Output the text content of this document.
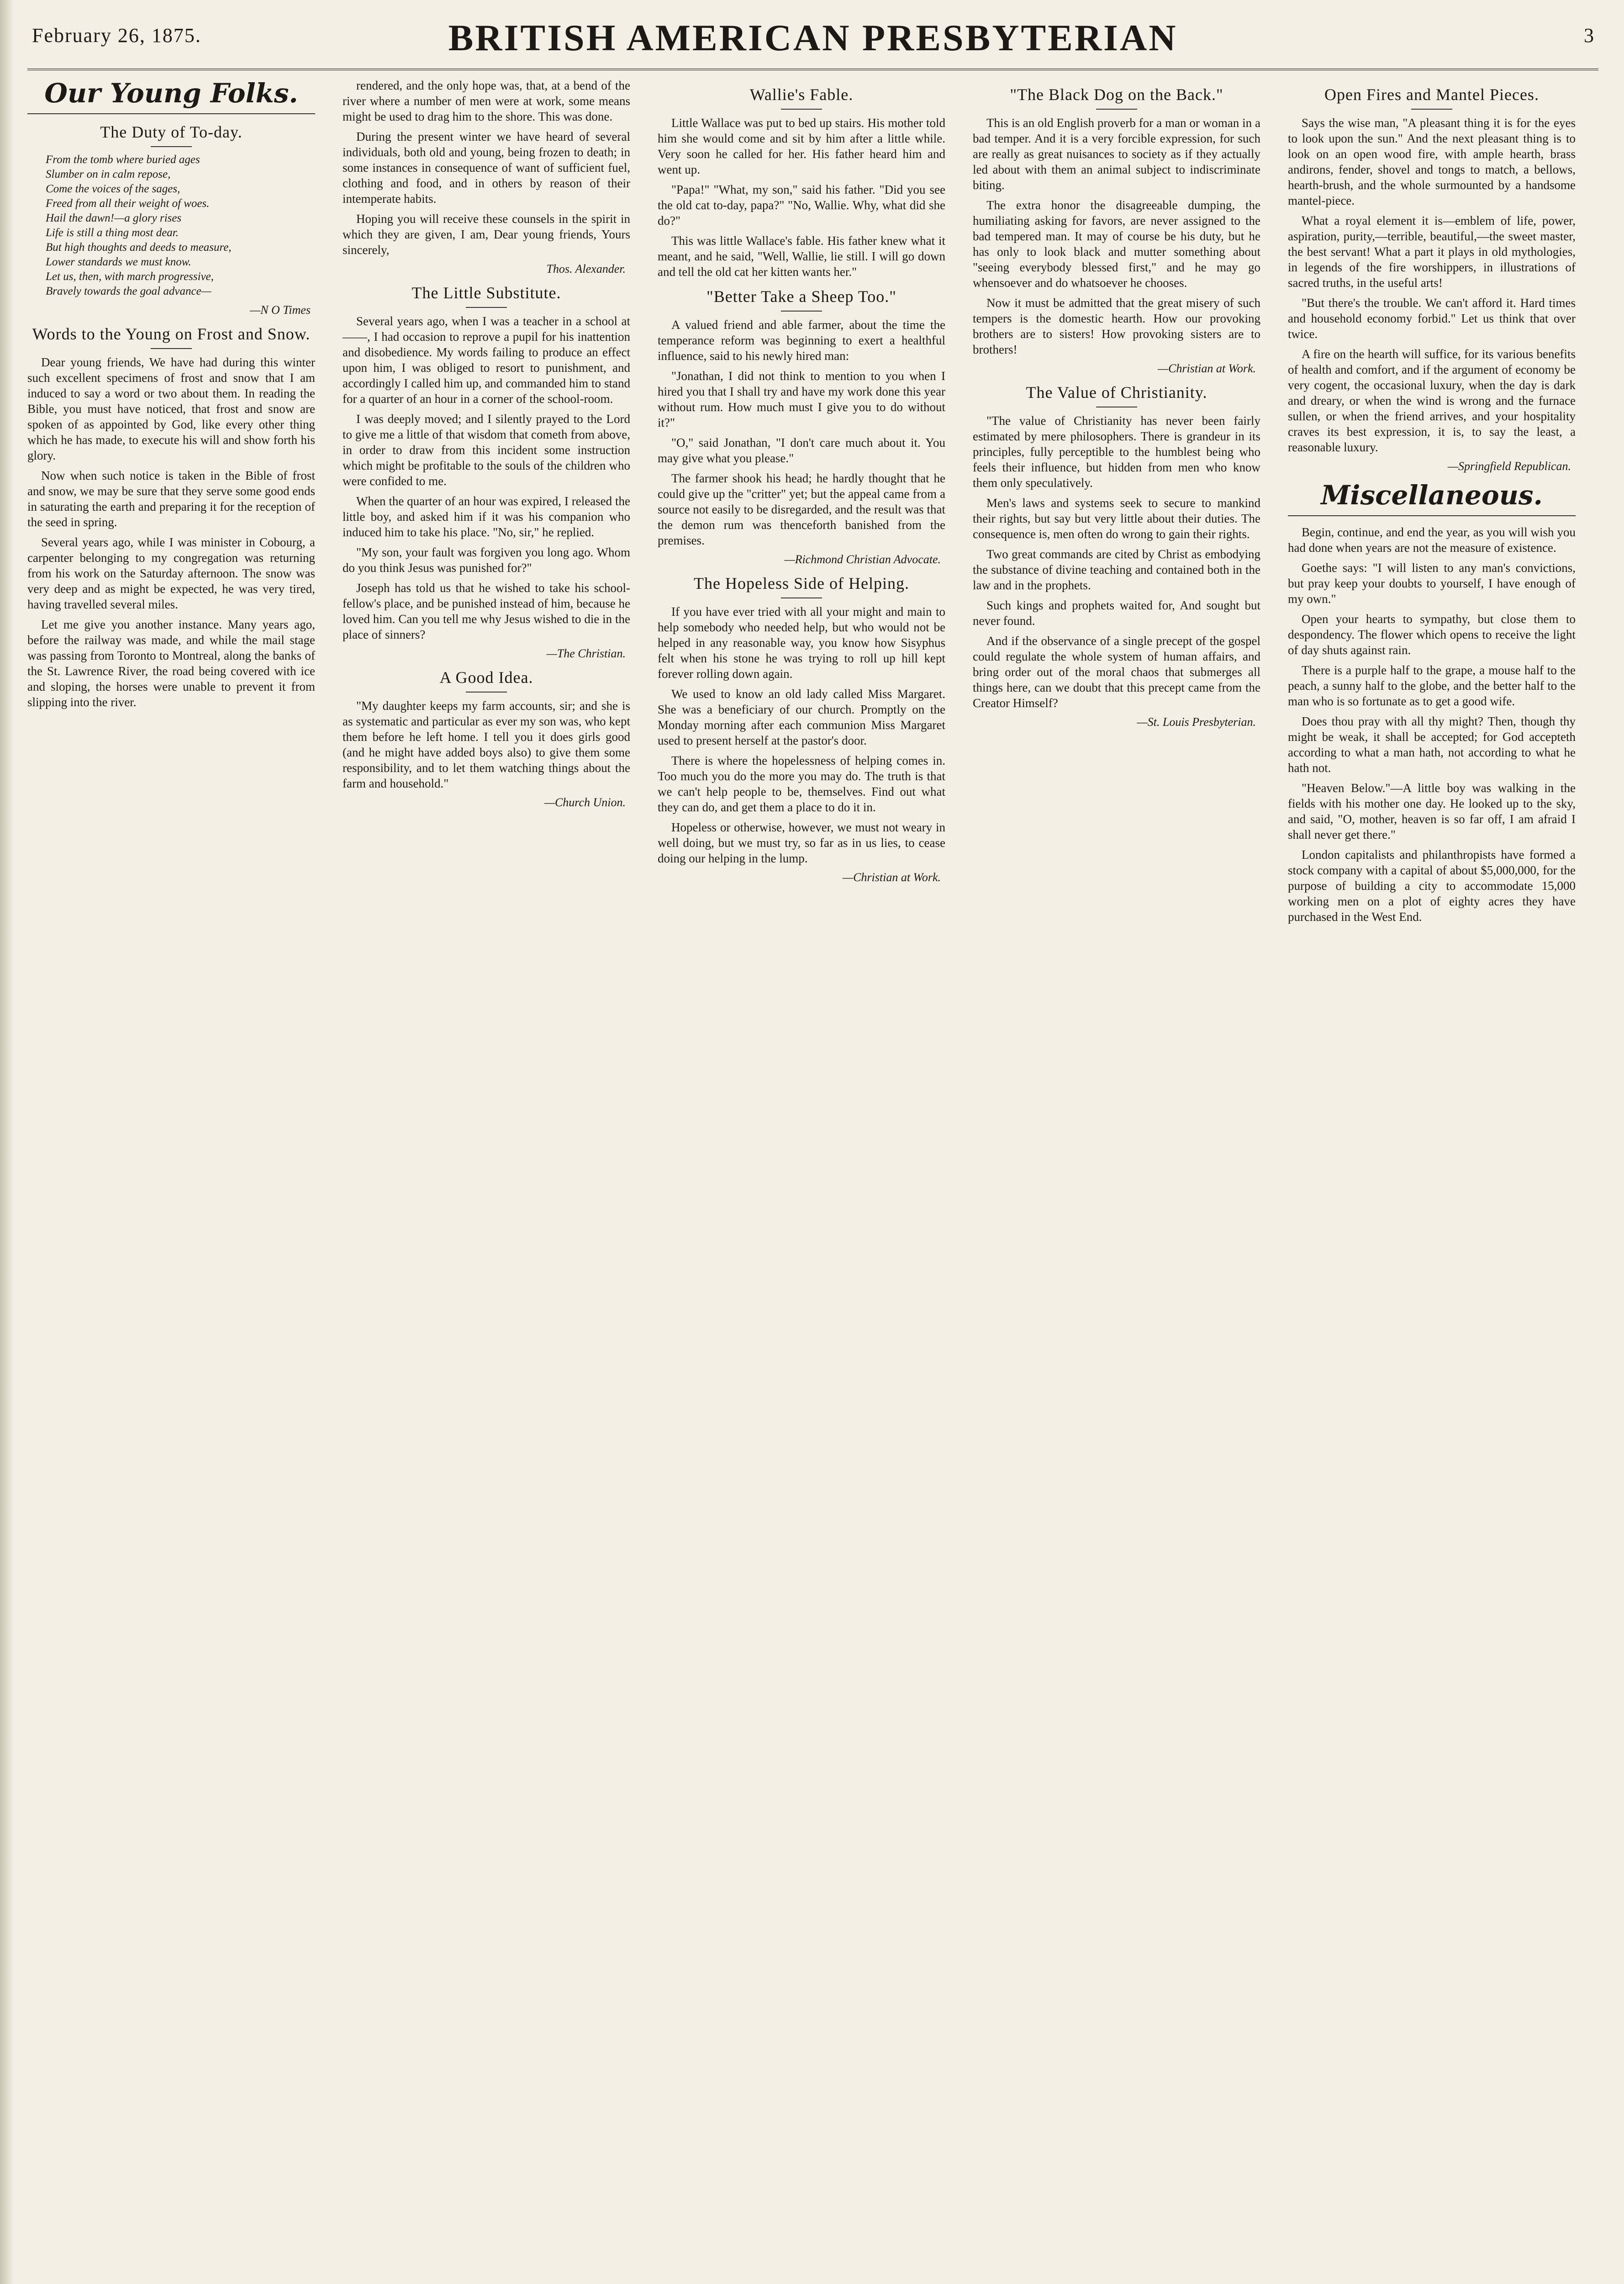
February 26, 1875.	BRITISH AMERICAN PRESBYTERIAN	3
Our Young Folks.
The Duty of To-day.
From the tomb where buried ages
Slumber on in calm repose,
Come the voices of the sages,
Freed from all their weight of woes.
Hail the dawn!—a glory rises
Life is still a thing most dear.
But high thoughts and deeds to measure,
Lower standards we must know.
Let us, then, with march progressive,
Bravely towards the goal advance—
—N O Times
Words to the Young on Frost and Snow.

Dear young friends, We have had during this winter such excellent specimens of frost and snow that I am induced to say a word or two about them. In reading the Bible, you must have noticed, that frost and snow are spoken of as appointed by God, like every other thing which he has made, to execute his will and show forth his glory.

Now when such notice is taken in the Bible of frost and snow, we may be sure that they serve some good ends in saturating the earth and preparing it for the reception of the seed in spring.

Several years ago, while I was minister in Cobourg, a carpenter belonging to my congregation was returning from his work on the Saturday afternoon. The snow was very deep and as might be expected, he was very tired, having travelled several miles.

Let me give you another instance. Many years ago, before the railway was made, and while the mail stage was passing from Toronto to Montreal, along the banks of the St. Lawrence River, the road being covered with ice and sloping, the horses were unable to prevent it from slipping into the river.

rendered, and the only hope was, that, at a bend of the river where a number of men were at work, some means might be used to drag him to the shore. This was done.

During the present winter we have heard of several individuals, both old and young, being frozen to death; in some instances in consequence of want of sufficient fuel, clothing and food, and in others by reason of their intemperate habits.

Hoping you will receive these counsels in the spirit in which they are given, I am, Dear young friends, Yours sincerely,

Thos. Alexander.
The Little Substitute.

Several years ago, when I was a teacher in a school at ——, I had occasion to reprove a pupil for his inattention and disobedience. My words failing to produce an effect upon him, I was obliged to resort to punishment, and accordingly I called him up, and commanded him to stand for a quarter of an hour in a corner of the school-room.

I was deeply moved; and I silently prayed to the Lord to give me a little of that wisdom that cometh from above, in order to draw from this incident some instruction which might be profitable to the souls of the children who were confided to me.

When the quarter of an hour was expired, I released the little boy, and asked him if it was his companion who induced him to take his place. "No, sir," he replied.

"My son, your fault was forgiven you long ago. Whom do you think Jesus was punished for?"

Joseph has told us that he wished to take his school-fellow's place, and be punished instead of him, because he loved him. Can you tell me why Jesus wished to die in the place of sinners?

—The Christian.
A Good Idea.

"My daughter keeps my farm accounts, sir; and she is as systematic and particular as ever my son was, who kept them before he left home. I tell you it does girls good (and he might have added boys also) to give them some responsibility, and to let them watching things about the farm and household."

—Church Union.
Wallie's Fable.

Little Wallace was put to bed up stairs. His mother told him she would come and sit by him after a little while. Very soon he called for her. His father heard him and went up.

"Papa!" "What, my son," said his father. "Did you see the old cat to-day, papa?" "No, Wallie. Why, what did she do?"

This was little Wallace's fable. His father knew what it meant, and he said, "Well, Wallie, lie still. I will go down and tell the old cat her kitten wants her."

"Better Take a Sheep Too."

A valued friend and able farmer, about the time the temperance reform was beginning to exert a healthful influence, said to his newly hired man:

"Jonathan, I did not think to mention to you when I hired you that I shall try and have my work done this year without rum. How much must I give you to do without it?"

"O," said Jonathan, "I don't care much about it. You may give what you please."

The farmer shook his head; he hardly thought that he could give up the "critter" yet; but the appeal came from a source not easily to be disregarded, and the result was that the demon rum was thenceforth banished from the premises.

—Richmond Christian Advocate.
The Hopeless Side of Helping.

If you have ever tried with all your might and main to help somebody who needed help, but who would not be helped in any reasonable way, you know how Sisyphus felt when his stone he was trying to roll up hill kept forever rolling down again.

We used to know an old lady called Miss Margaret. She was a beneficiary of our church. Promptly on the Monday morning after each communion Miss Margaret used to present herself at the pastor's door.

There is where the hopelessness of helping comes in. Too much you do the more you may do. The truth is that we can't help people to be, themselves. Find out what they can do, and get them a place to do it in.

Hopeless or otherwise, however, we must not weary in well doing, but we must try, so far as in us lies, to cease doing our helping in the lump.

—Christian at Work.
"The Black Dog on the Back."

This is an old English proverb for a man or woman in a bad temper. And it is a very forcible expression, for such are really as great nuisances to society as if they actually led about with them an animal subject to indiscriminate biting.

The extra honor the disagreeable dumping, the humiliating asking for favors, are never assigned to the bad tempered man. It may of course be his duty, but he has only to look black and mutter something about "seeing everybody blessed first," and he may go whensoever and do whatsoever he chooses.

Now it must be admitted that the great misery of such tempers is the domestic hearth. How our provoking brothers are to sisters! How provoking sisters are to brothers!

—Christian at Work.
The Value of Christianity.

"The value of Christianity has never been fairly estimated by mere philosophers. There is grandeur in its principles, fully perceptible to the humblest being who feels their influence, but hidden from men who know them only speculatively.

Men's laws and systems seek to secure to mankind their rights, but say but very little about their duties. The consequence is, men often do wrong to gain their rights.

Two great commands are cited by Christ as embodying the substance of divine teaching and contained both in the law and in the prophets.

Such kings and prophets waited for, And sought but never found.

And if the observance of a single precept of the gospel could regulate the whole system of human affairs, and bring order out of the moral chaos that submerges all things here, can we doubt that this precept came from the Creator Himself?

—St. Louis Presbyterian.
Open Fires and Mantel Pieces.

Says the wise man, "A pleasant thing it is for the eyes to look upon the sun." And the next pleasant thing is to look on an open wood fire, with ample hearth, brass andirons, fender, shovel and tongs to match, a bellows, hearth-brush, and the whole surmounted by a handsome mantel-piece.

What a royal element it is—emblem of life, power, aspiration, purity,—terrible, beautiful,—the sweet master, the best servant! What a part it plays in old mythologies, in legends of the fire worshippers, in illustrations of sacred truths, in the useful arts!

"But there's the trouble. We can't afford it. Hard times and household economy forbid." Let us think that over twice.

A fire on the hearth will suffice, for its various benefits of health and comfort, and if the argument of economy be very cogent, the occasional luxury, when the day is dark and dreary, or when the wind is wrong and the furnace sullen, or when the friend arrives, and your hospitality craves its best expression, it is, to say the least, a reasonable luxury.

—Springfield Republican.
Miscellaneous.

Begin, continue, and end the year, as you will wish you had done when years are not the measure of existence.

Goethe says: "I will listen to any man's convictions, but pray keep your doubts to yourself, I have enough of my own."

Open your hearts to sympathy, but close them to despondency. The flower which opens to receive the light of day shuts against rain.

There is a purple half to the grape, a mouse half to the peach, a sunny half to the globe, and the better half to the man who is so fortunate as to get a good wife.

Does thou pray with all thy might? Then, though thy might be weak, it shall be accepted; for God accepteth according to what a man hath, not according to what he hath not.

"Heaven Below."—A little boy was walking in the fields with his mother one day. He looked up to the sky, and said, "O, mother, heaven is so far off, I am afraid I shall never get there."

London capitalists and philanthropists have formed a stock company with a capital of about $5,000,000, for the purpose of building a city to accommodate 15,000 working men on a plot of eighty acres they have purchased in the West End.
